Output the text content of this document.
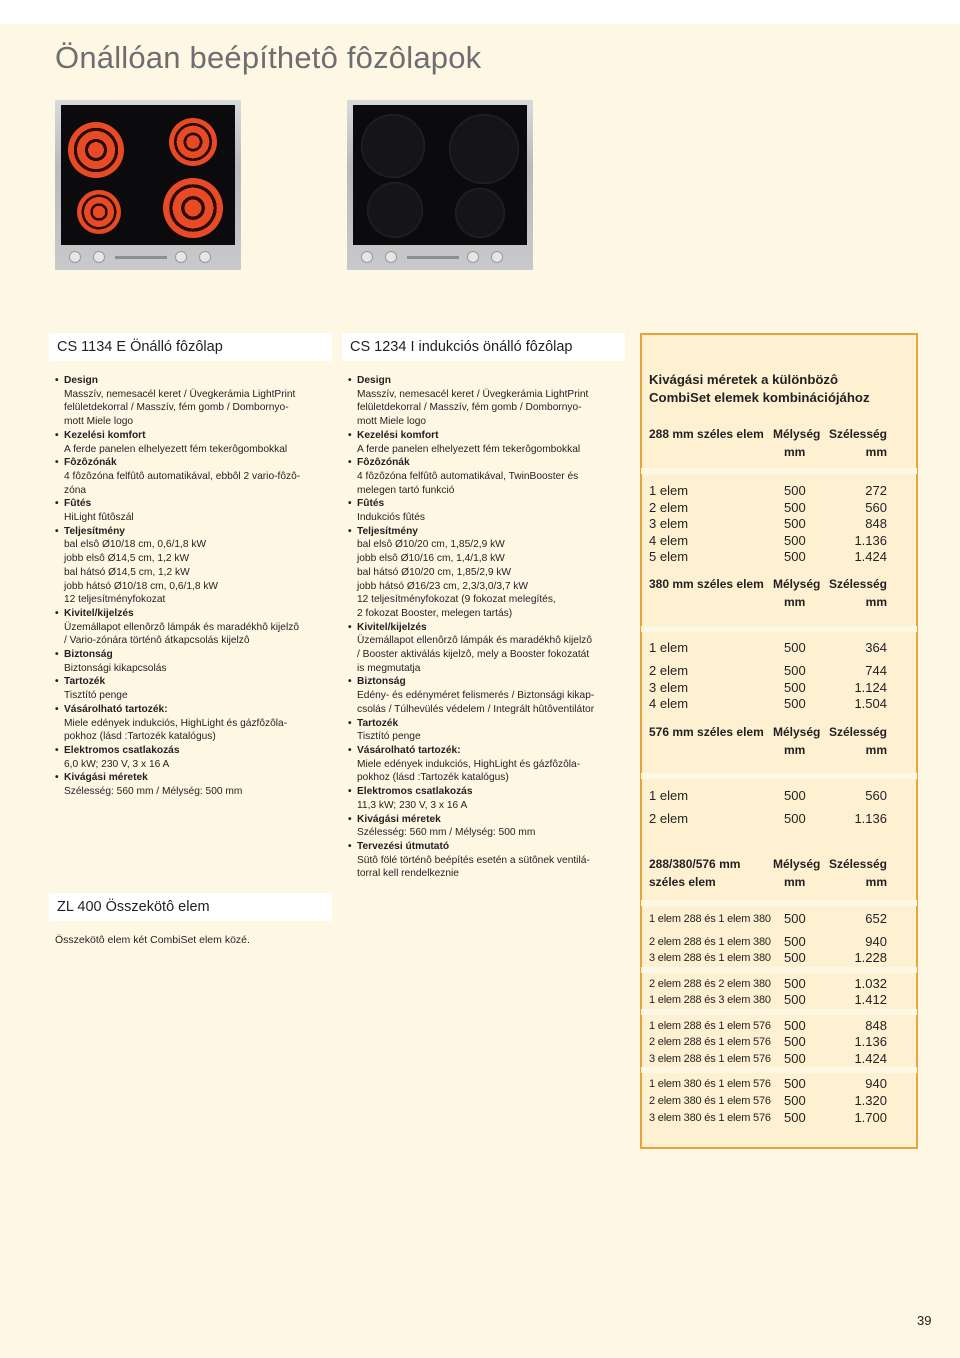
Önállóan beépíthetô fôzôlapok
CS 1134 E Önálló fôzôlap	CS 1234 I indukciós önálló fôzôlap
• Design
Masszív, nemesacél keret / Üvegkerámia LightPrint
felületdekorral / Masszív, fém gomb / Dombornyo-
mott Miele logo
• Kezelési komfort
A ferde panelen elhelyezett fém tekerôgombokkal
• Fôzôzónák
4 fôzôzóna felfûtô automatikával, ebbôl 2 vario-fôzô-
zóna
• Fûtés
HiLight fûtôszál
• Teljesítmény
bal elsô Ø10/18 cm, 0,6/1,8 kW
jobb elsô Ø14,5 cm, 1,2 kW
bal hátsó Ø14,5 cm, 1,2 kW
jobb hátsó Ø10/18 cm, 0,6/1,8 kW
12 teljesítményfokozat
• Kivitel/kijelzés
Üzemállapot ellenôrzô lámpák és maradékhô kijelzô
/ Vario-zónára történô átkapcsolás kijelzô
• Biztonság
Biztonsági kikapcsolás
• Tartozék
Tisztító penge
• Vásárolható tartozék:
Miele edények indukciós, HighLight és gázfôzôla-
pokhoz (lásd :Tartozék katalógus)
• Elektromos csatlakozás
6,0 kW; 230 V, 3 x 16 A
• Kivágási méretek
Szélesség: 560 mm / Mélység: 500 mm
• Design
Masszív, nemesacél keret / Üvegkerámia LightPrint
felületdekorral / Masszív, fém gomb / Dombornyo-
mott Miele logo
• Kezelési komfort
A ferde panelen elhelyezett fém tekerôgombokkal
• Fôzôzónák
4 fôzôzóna felfûtô automatikával, TwinBooster és
melegen tartó funkció
• Fûtés
Indukciós fûtés
• Teljesítmény
bal elsô Ø10/20 cm, 1,85/2,9 kW
jobb elsô Ø10/16 cm, 1,4/1,8 kW
bal hátsó Ø10/20 cm, 1,85/2,9 kW
jobb hátsó Ø16/23 cm, 2,3/3,0/3,7 kW
12 teljesítményfokozat (9 fokozat melegítés,
2 fokozat Booster, melegen tartás)
• Kivitel/kijelzés
Üzemállapot ellenôrzô lámpák és maradékhô kijelzô
/ Booster aktiválás kijelzô, mely a Booster fokozatát
is megmutatja
• Biztonság
Edény- és edényméret felismerés / Biztonsági kikap-
csolás / Túlhevülés védelem / Integrált hûtôventilátor
• Tartozék
Tisztító penge
• Vásárolható tartozék:
Miele edények indukciós, HighLight és gázfôzôla-
pokhoz (lásd :Tartozék katalógus)
• Elektromos csatlakozás
11,3 kW; 230 V, 3 x 16 A
• Kivágási méretek
Szélesség: 560 mm / Mélység: 500 mm
• Tervezési útmutató
Sütô fölé történô beépítés esetén a sütônek ventilá-
torral kell rendelkeznie
ZL 400 Összekötô elem
Összekötô elem két CombiSet elem közé.
Kivágási méretek a különbözô
CombiSet elemek kombinációjához
288 mm széles elem Mélység Szélesség
mm	mm
1 elem	500	272
2 elem	500	560
3 elem	500	848
4 elem	500	1.136
5 elem	500	1.424
380 mm széles elem Mélység Szélesség
mm	mm
1 elem	500	364
2 elem	500	744
3 elem	500	1.124
4 elem	500	1.504
576 mm széles elem Mélység Szélesség
mm	mm
1 elem	500	560
2 elem	500	1.136
288/380/576 mm
széles elem
Mélység Szélesség
mm	mm
1 elem 288 és 1 elem 380 500	652
2 elem 288 és 1 elem 380 500	940
3 elem 288 és 1 elem 380 500	1.228
2 elem 288 és 2 elem 380 500	1.032
1 elem 288 és 3 elem 380 500	1.412
1 elem 288 és 1 elem 576 500	848
2 elem 288 és 1 elem 576 500	1.136
3 elem 288 és 1 elem 576 500	1.424
1 elem 380 és 1 elem 576 500	940
2 elem 380 és 1 elem 576 500	1.320
3 elem 380 és 1 elem 576 500	1.700
39
